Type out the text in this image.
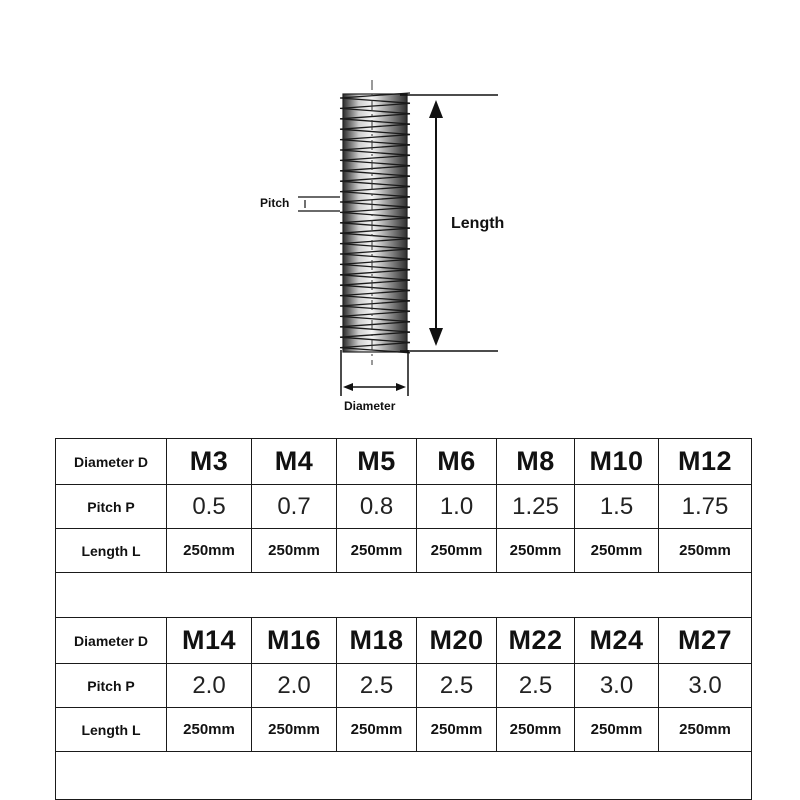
Pitch
Length
Diameter
Diameter D	M3	M4	M5	M6	M8	M10	M12
Pitch P	0.5	0.7	0.8	1.0	1.25	1.5	1.75
Length L	250mm	250mm	250mm	250mm	250mm	250mm	250mm

Diameter D	M14	M16	M18	M20	M22	M24	M27
Pitch P	2.0	2.0	2.5	2.5	2.5	3.0	3.0
Length L	250mm	250mm	250mm	250mm	250mm	250mm	250mm
